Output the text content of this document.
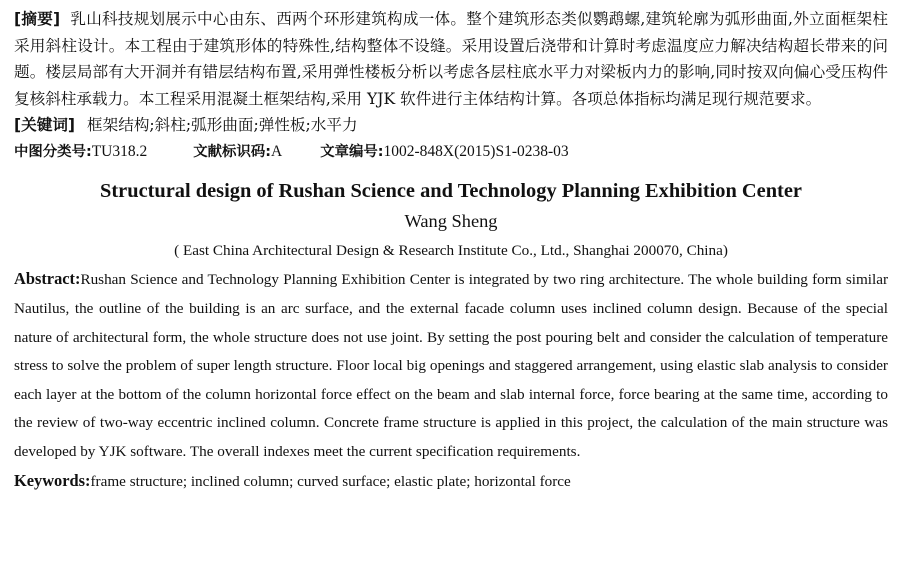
[摘要] 乳山科技规划展示中心由东、西两个环形建筑构成一体。整个建筑形态类似鹦鹉螺,建筑轮廓为弧形曲面,外立面框架柱采用斜柱设计。本工程由于建筑形体的特殊性,结构整体不设缝。采用设置后浇带和计算时考虑温度应力解决结构超长带来的问题。楼层局部有大开洞并有错层结构布置,采用弹性楼板分析以考虑各层柱底水平力对梁板内力的影响,同时按双向偏心受压构件复核斜柱承载力。本工程采用混凝土框架结构,采用 YJK 软件进行主体结构计算。各项总体指标均满足现行规范要求。
[关键词] 框架结构;斜柱;弧形曲面;弹性板;水平力
中图分类号:TU318.2	文献标识码:A	文章编号:1002-848X(2015)S1-0238-03
Structural design of Rushan Science and Technology Planning Exhibition Center
Wang Sheng
( East China Architectural Design & Research Institute Co., Ltd., Shanghai 200070, China)
Abstract:Rushan Science and Technology Planning Exhibition Center is integrated by two ring architecture. The whole building form similar Nautilus, the outline of the building is an arc surface, and the external facade column uses inclined column design. Because of the special nature of architectural form, the whole structure does not use joint. By setting the post pouring belt and consider the calculation of temperature stress to solve the problem of super length structure. Floor local big openings and staggered arrangement, using elastic slab analysis to consider each layer at the bottom of the column horizontal force effect on the beam and slab internal force, force bearing at the same time, according to the review of two-way eccentric inclined column. Concrete frame structure is applied in this project, the calculation of the main structure was developed by YJK software. The overall indexes meet the current specification requirements.
Keywords:frame structure; inclined column; curved surface; elastic plate; horizontal force
